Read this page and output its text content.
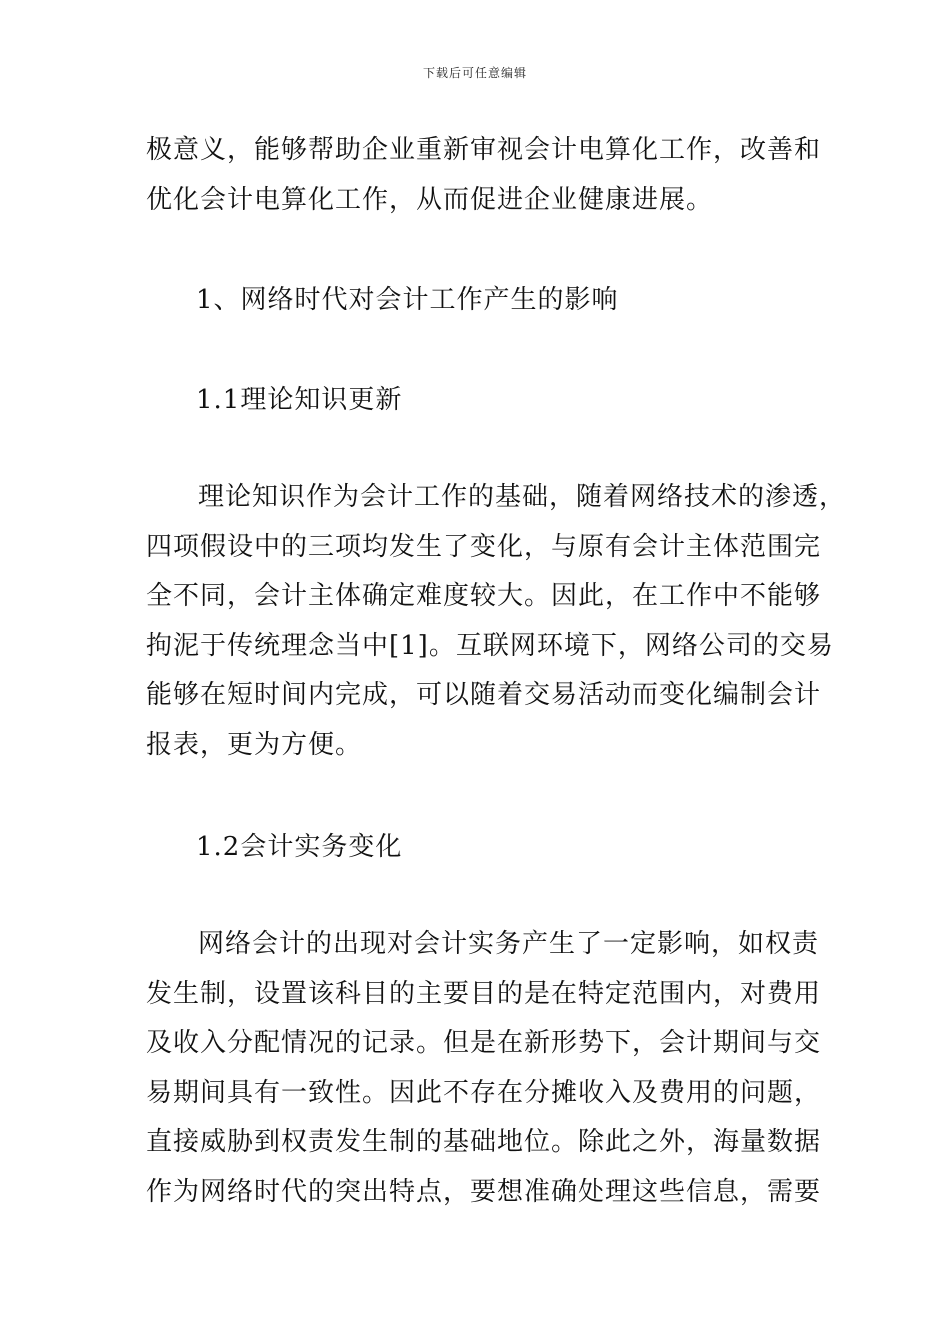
下载后可任意编辑
极意义，能够帮助企业重新审视会计电算化工作，改善和
优化会计电算化工作，从而促进企业健康进展。
1、网络时代对会计工作产生的影响
1.1理论知识更新
理论知识作为会计工作的基础，随着网络技术的渗透，
四项假设中的三项均发生了变化，与原有会计主体范围完
全不同，会计主体确定难度较大。因此，在工作中不能够
拘泥于传统理念当中[1]。互联网环境下，网络公司的交易
能够在短时间内完成，可以随着交易活动而变化编制会计
报表，更为方便。
1.2会计实务变化
网络会计的出现对会计实务产生了一定影响，如权责
发生制，设置该科目的主要目的是在特定范围内，对费用
及收入分配情况的记录。但是在新形势下，会计期间与交
易期间具有一致性。因此不存在分摊收入及费用的问题，
直接威胁到权责发生制的基础地位。除此之外，海量数据
作为网络时代的突出特点，要想准确处理这些信息，需要
